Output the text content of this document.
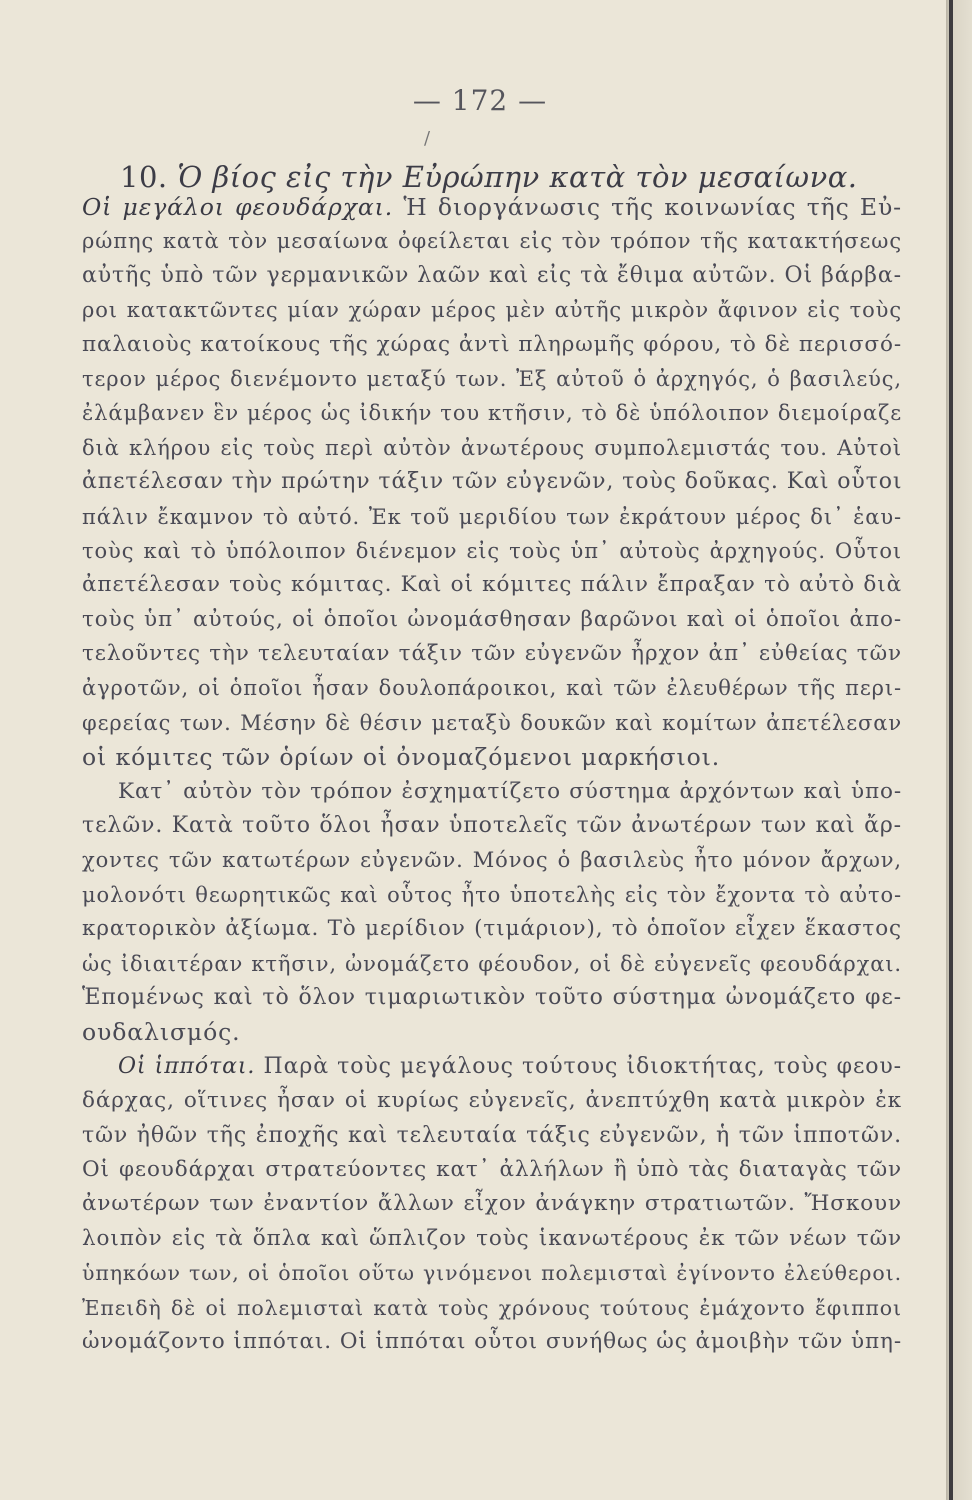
— 172 —
/
10. Ὁ βίος εἰς τὴν Εὐρώπην κατὰ τὸν μεσαίωνα.
Οἱ μεγάλοι φεουδάρχαι. Ἡ διοργάνωσις τῆς κοινωνίας τῆς Εὐ-
ρώπης κατὰ τὸν μεσαίωνα ὀφείλεται εἰς τὸν τρόπον τῆς κατακτήσεως
αὐτῆς ὑπὸ τῶν γερμανικῶν λαῶν καὶ εἰς τὰ ἔθιμα αὐτῶν. Οἱ βάρβα-
ροι κατακτῶντες μίαν χώραν μέρος μὲν αὐτῆς μικρὸν ἄφινον εἰς τοὺς
παλαιοὺς κατοίκους τῆς χώρας ἀντὶ πληρωμῆς φόρου, τὸ δὲ περισσό-
τερον μέρος διενέμοντο μεταξύ των. Ἐξ αὐτοῦ ὁ ἀρχηγός, ὁ βασιλεύς,
ἐλάμβανεν ἓν μέρος ὡς ἰδικήν του κτῆσιν, τὸ δὲ ὑπόλοιπον διεμοίραζε
διὰ κλήρου εἰς τοὺς περὶ αὐτὸν ἀνωτέρους συμπολεμιστάς του. Αὐτοὶ
ἀπετέλεσαν τὴν πρώτην τάξιν τῶν εὐγενῶν, τοὺς δοῦκας. Καὶ οὗτοι
πάλιν ἔκαμνον τὸ αὐτό. Ἐκ τοῦ μεριδίου των ἐκράτουν μέρος δι᾽ ἑαυ-
τοὺς καὶ τὸ ὑπόλοιπον διένεμον εἰς τοὺς ὑπ᾽ αὐτοὺς ἀρχηγούς. Οὗτοι
ἀπετέλεσαν τοὺς κόμιτας. Καὶ οἱ κόμιτες πάλιν ἔπραξαν τὸ αὐτὸ διὰ
τοὺς ὑπ᾽ αὐτούς, οἱ ὁποῖοι ὠνομάσθησαν βαρῶνοι καὶ οἱ ὁποῖοι ἀπο-
τελοῦντες τὴν τελευταίαν τάξιν τῶν εὐγενῶν ἦρχον ἀπ᾽ εὐθείας τῶν
ἀγροτῶν, οἱ ὁποῖοι ἦσαν δουλοπάροικοι, καὶ τῶν ἐλευθέρων τῆς περι-
φερείας των. Μέσην δὲ θέσιν μεταξὺ δουκῶν καὶ κομίτων ἀπετέλεσαν
οἱ κόμιτες τῶν ὁρίων οἱ ὀνομαζόμενοι μαρκήσιοι.
Κατ᾽ αὐτὸν τὸν τρόπον ἐσχηματίζετο σύστημα ἀρχόντων καὶ ὑπο-
τελῶν. Κατὰ τοῦτο ὅλοι ἦσαν ὑποτελεῖς τῶν ἀνωτέρων των καὶ ἄρ-
χοντες τῶν κατωτέρων εὐγενῶν. Μόνος ὁ βασιλεὺς ἦτο μόνον ἄρχων,
μολονότι θεωρητικῶς καὶ οὗτος ἦτο ὑποτελὴς εἰς τὸν ἔχοντα τὸ αὐτο-
κρατορικὸν ἀξίωμα. Τὸ μερίδιον (τιμάριον), τὸ ὁποῖον εἶχεν ἕκαστος
ὡς ἰδιαιτέραν κτῆσιν, ὠνομάζετο φέουδον, οἱ δὲ εὐγενεῖς φεουδάρχαι.
Ἑπομένως καὶ τὸ ὅλον τιμαριωτικὸν τοῦτο σύστημα ὠνομάζετο φε-
ουδαλισμός.
Οἱ ἱππόται. Παρὰ τοὺς μεγάλους τούτους ἰδιοκτήτας, τοὺς φεου-
δάρχας, οἵτινες ἦσαν οἱ κυρίως εὐγενεῖς, ἀνεπτύχθη κατὰ μικρὸν ἐκ
τῶν ἠθῶν τῆς ἐποχῆς καὶ τελευταία τάξις εὐγενῶν, ἡ τῶν ἱπποτῶν.
Οἱ φεουδάρχαι στρατεύοντες κατ᾽ ἀλλήλων ἢ ὑπὸ τὰς διαταγὰς τῶν
ἀνωτέρων των ἐναντίον ἄλλων εἶχον ἀνάγκην στρατιωτῶν. Ἤσκουν
λοιπὸν εἰς τὰ ὅπλα καὶ ὥπλιζον τοὺς ἱκανωτέρους ἐκ τῶν νέων τῶν
ὑπηκόων των, οἱ ὁποῖοι οὕτω γινόμενοι πολεμισταὶ ἐγίνοντο ἐλεύθεροι.
Ἐπειδὴ δὲ οἱ πολεμισταὶ κατὰ τοὺς χρόνους τούτους ἐμάχοντο ἔφιπποι
ὠνομάζοντο ἱππόται. Οἱ ἱππόται οὗτοι συνήθως ὡς ἀμοιβὴν τῶν ὑπη-
